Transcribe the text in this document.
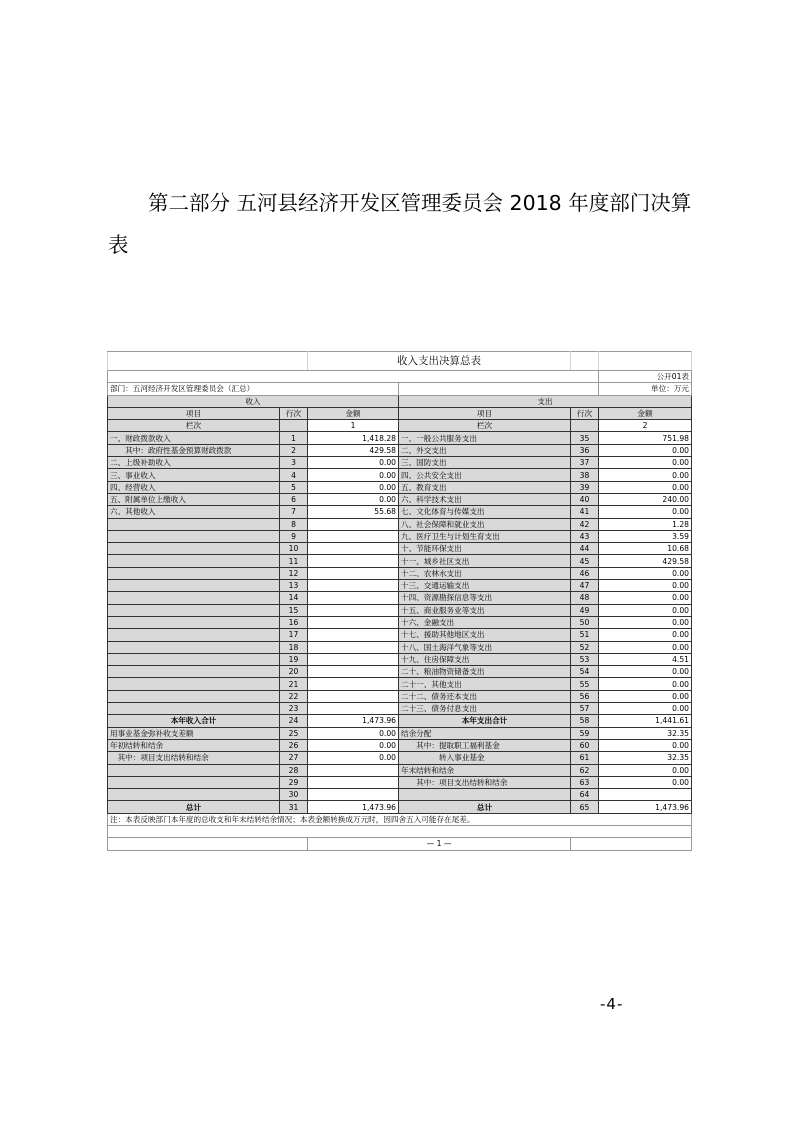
第二部分 五河县经济开发区管理委员会 2018 年度部门决算表
		收入支出决算总表			
					公开01表
部门：五河经济开发区管理委员会（汇总）					单位：万元
收入			支出		
项目	行次	金额	项目	行次	金额
栏次		1	栏次		2
一、财政拨款收入	1	1,418.28	一、一般公共服务支出	35	751.98
　　其中：政府性基金预算财政拨款	2	429.58	二、外交支出	36	0.00
二、上级补助收入	3	0.00	三、国防支出	37	0.00
三、事业收入	4	0.00	四、公共安全支出	38	0.00
四、经营收入	5	0.00	五、教育支出	39	0.00
五、附属单位上缴收入	6	0.00	六、科学技术支出	40	240.00
六、其他收入	7	55.68	七、文化体育与传媒支出	41	0.00
	8		八、社会保障和就业支出	42	1.28
	9		九、医疗卫生与计划生育支出	43	3.59
	10		十、节能环保支出	44	10.68
	11		十一、城乡社区支出	45	429.58
	12		十二、农林水支出	46	0.00
	13		十三、交通运输支出	47	0.00
	14		十四、资源勘探信息等支出	48	0.00
	15		十五、商业服务业等支出	49	0.00
	16		十六、金融支出	50	0.00
	17		十七、援助其他地区支出	51	0.00
	18		十八、国土海洋气象等支出	52	0.00
	19		十九、住房保障支出	53	4.51
	20		二十、粮油物资储备支出	54	0.00
	21		二十一、其他支出	55	0.00
	22		二十二、债务还本支出	56	0.00
	23		二十三、债务付息支出	57	0.00
本年收入合计	24	1,473.96	本年支出合计	58	1,441.61
用事业基金弥补收支差额	25	0.00	结余分配	59	32.35
年初结转和结余	26	0.00	　　其中：提取职工福利基金	60	0.00
　其中：项目支出结转和结余	27	0.00	　　　　　转入事业基金	61	32.35
	28		年末结转和结余	62	0.00
	29		　　其中：项目支出结转和结余	63	0.00
	30			64	
总计	31	1,473.96	总计	65	1,473.96
注：本表反映部门本年度的总收支和年末结转结余情况；本表金额转换成万元时，因四舍五入可能存在尾差。					

		— 1 —			
-4-
